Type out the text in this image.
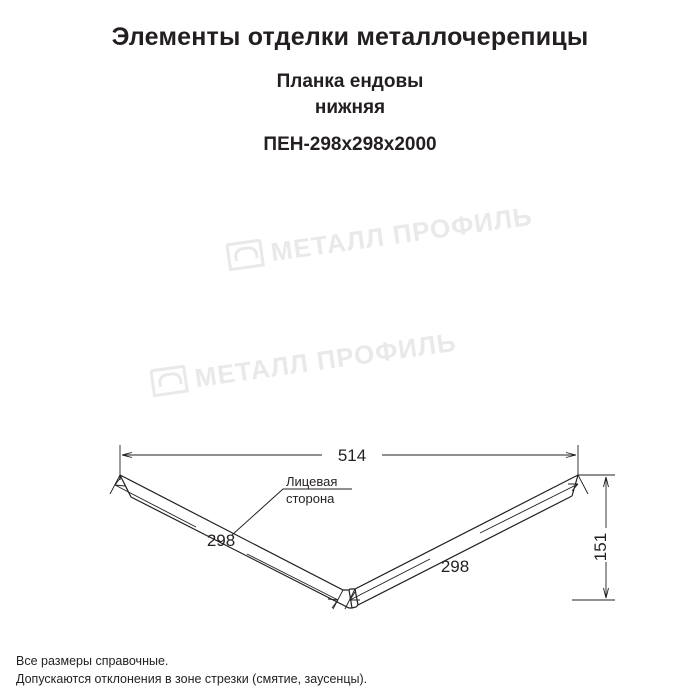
Элементы отделки металлочерепицы
Планка ендовы
нижняя
ПЕН-298х298х2000
МЕТАЛЛ ПРОФИЛЬ
МЕТАЛЛ ПРОФИЛЬ
Лицевая
сторона
514
298
298
151
Все размеры справочные.
Допускаются отклонения в зоне стрезки (смятие, заусенцы).
